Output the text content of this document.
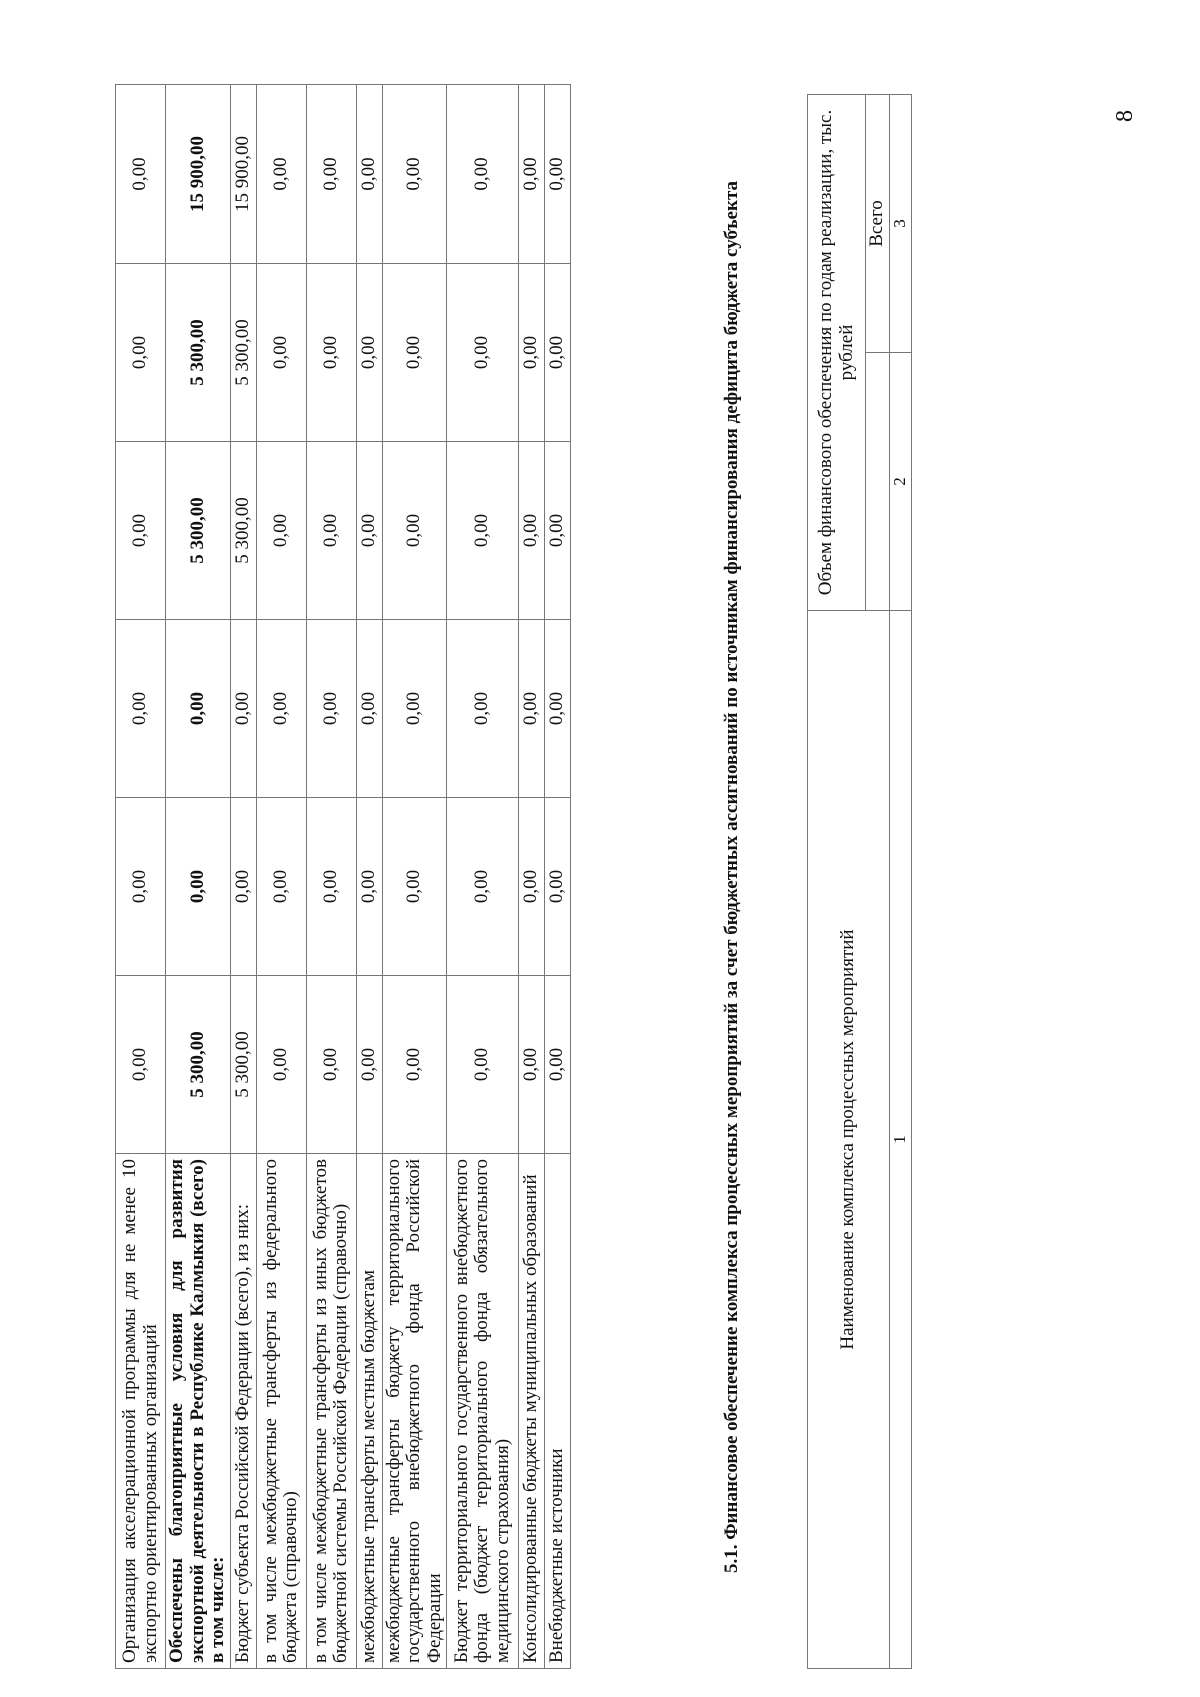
Организация акселерационной программы для не менее 10 экспортно ориентированных организаций	0,00	0,00	0,00	0,00	0,00	0,00
Обеспечены благоприятные условия для развития экспортной деятельности в Республике Калмыкия (всего) в том числе:	5 300,00	0,00	0,00	5 300,00	5 300,00	15 900,00
Бюджет субъекта Российской Федерации (всего), из них:	5 300,00	0,00	0,00	5 300,00	5 300,00	15 900,00
в том числе межбюджетные трансферты из федерального бюджета (справочно)	0,00	0,00	0,00	0,00	0,00	0,00
в том числе межбюджетные трансферты из иных бюджетов бюджетной системы Российской Федерации (справочно)	0,00	0,00	0,00	0,00	0,00	0,00
межбюджетные трансферты местным бюджетам	0,00	0,00	0,00	0,00	0,00	0,00
межбюджетные трансферты бюджету территориального государственного внебюджетного фонда Российской Федерации	0,00	0,00	0,00	0,00	0,00	0,00
Бюджет территориального государственного внебюджетного фонда (бюджет территориального фонда обязательного медицинского страхования)	0,00	0,00	0,00	0,00	0,00	0,00
Консолидированные бюджеты муниципальных образований	0,00	0,00	0,00	0,00	0,00	0,00
Внебюджетные источники	0,00	0,00	0,00	0,00	0,00	0,00
5.1. Финансовое обеспечение комплекса процессных мероприятий за счет бюджетных ассигнований по источникам финансирования дефицита бюджета субъекта	Наименование комплекса процессных мероприятий	Объем финансового обеспечения по годам реализации, тыс. рублей	
		Всего
1	2	3
8
